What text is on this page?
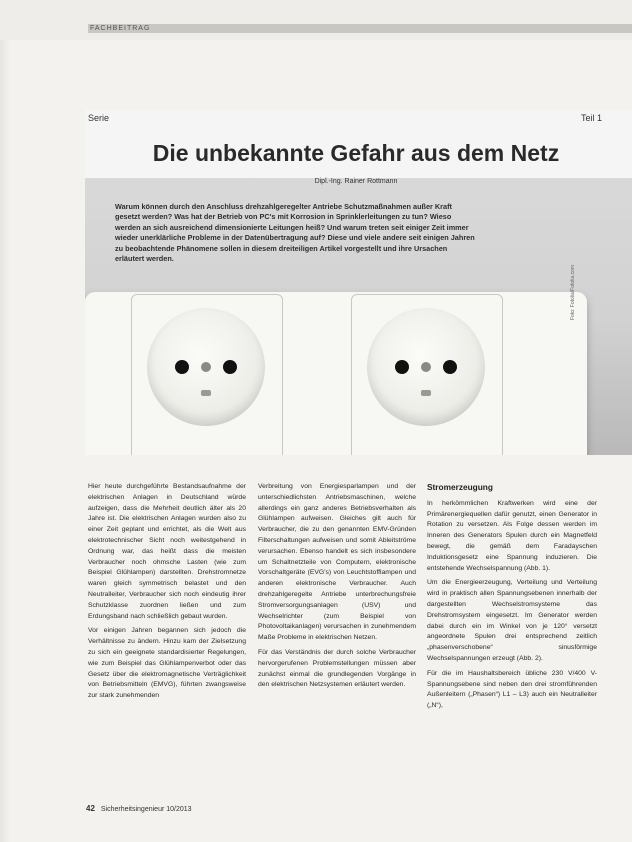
FACHBEITRAG
Foto: Fotolia/Fotolia.com
Serie	Teil 1
Die unbekannte Gefahr aus dem Netz
Dipl.-Ing. Rainer Rottmann
Warum können durch den Anschluss drehzahlgeregelter Antriebe Schutzmaßnahmen außer Kraft gesetzt werden? Was hat der Betrieb von PC's mit Korrosion in Sprinklerleitungen zu tun? Wieso werden an sich ausreichend dimensionierte Leitungen heiß? Und warum treten seit einiger Zeit immer wieder unerklärliche Probleme in der Datenübertragung auf? Diese und viele andere seit einigen Jahren zu beobachtende Phänomene sollen in diesem dreiteiligen Artikel vorgestellt und ihre Ursachen erläutert werden.

Hier heute durchgeführte Bestandsaufnahme der elektrischen Anlagen in Deutschland würde aufzeigen, dass die Mehrheit deutlich älter als 20 Jahre ist. Die elektrischen Anlagen wurden also zu einer Zeit geplant und errichtet, als die Welt aus elektrotechnischer Sicht noch weitestgehend in Ordnung war, das heißt dass die meisten Verbraucher noch ohmsche Lasten (wie zum Beispiel Glühlampen) darstellten. Drehstromnetze waren gleich symmetrisch belastet und den Neutralleiter, Verbraucher sich noch eindeutig ihrer Schutzklasse zuordnen ließen und zum Erdungsband nach schließlich gebaut wurden.

Vor einigen Jahren begannen sich jedoch die Verhältnisse zu ändern. Hinzu kam der Zielsetzung zu sich ein geeignete standardisierter Regelungen, wie zum Beispiel das Glühlampenverbot oder das Gesetz über die elektromagnetische Verträglichkeit von Betriebsmitteln (EMVG), führten zwangsweise zur stark zunehmenden

Verbreitung von Energiesparlampen und der unterschiedlichsten Antriebsmaschinen, welche allerdings ein ganz anderes Betriebsverhalten als Glühlampen aufweisen. Gleiches gilt auch für Verbraucher, die zu den genannten EMV-Gründen Filterschaltungen aufweisen und somit Ableitströme verursachen. Ebenso handelt es sich insbesondere um Schaltnetzteile von Computern, elektronische Vorschaltgeräte (EVG's) von Leuchtstofflampen und anderen elektronische Verbraucher. Auch drehzahlgeregelte Antriebe unterbrechungsfreie Stromversorgungsanlagen (USV) und Wechselrichter (zum Beispiel von Photovoltaikanlagen) verursachen in zunehmendem Maße Probleme in elektrischen Netzen.

Für das Verständnis der durch solche Verbraucher hervorgerufenen Problemstellungen müssen aber zunächst einmal die grundlegenden Vorgänge in den elektrischen Netzsystemen erläutert werden.

Stromerzeugung

In herkömmlichen Kraftwerken wird eine der Primärenergiequellen dafür genutzt, einen Generator in Rotation zu versetzen. Als Folge dessen werden im Inneren des Generators Spulen durch ein Magnetfeld bewegt, die gemäß dem Faradayschen Induktionsgesetz eine Spannung induzieren. Die entstehende Wechselspannung (Abb. 1).

Um die Energieerzeugung, Verteilung und Verteilung wird in praktisch allen Spannungsebenen innerhalb der dargestellten Wechselstromsysteme das Drehstromsystem eingesetzt. Im Generator werden dabei durch ein im Winkel von je 120° versetzt angeordnete Spulen drei entsprechend zeitlich „phasenverschobene“ sinusförmige Wechselspannungen erzeugt (Abb. 2).

Für die im Haushaltsbereich übliche 230 V/400 V-Spannungsebene sind neben den drei stromführenden Außenleitern („Phasen“) L1 – L3) auch ein Neutralleiter („N“),

42 Sicherheitsingenieur 10/2013
